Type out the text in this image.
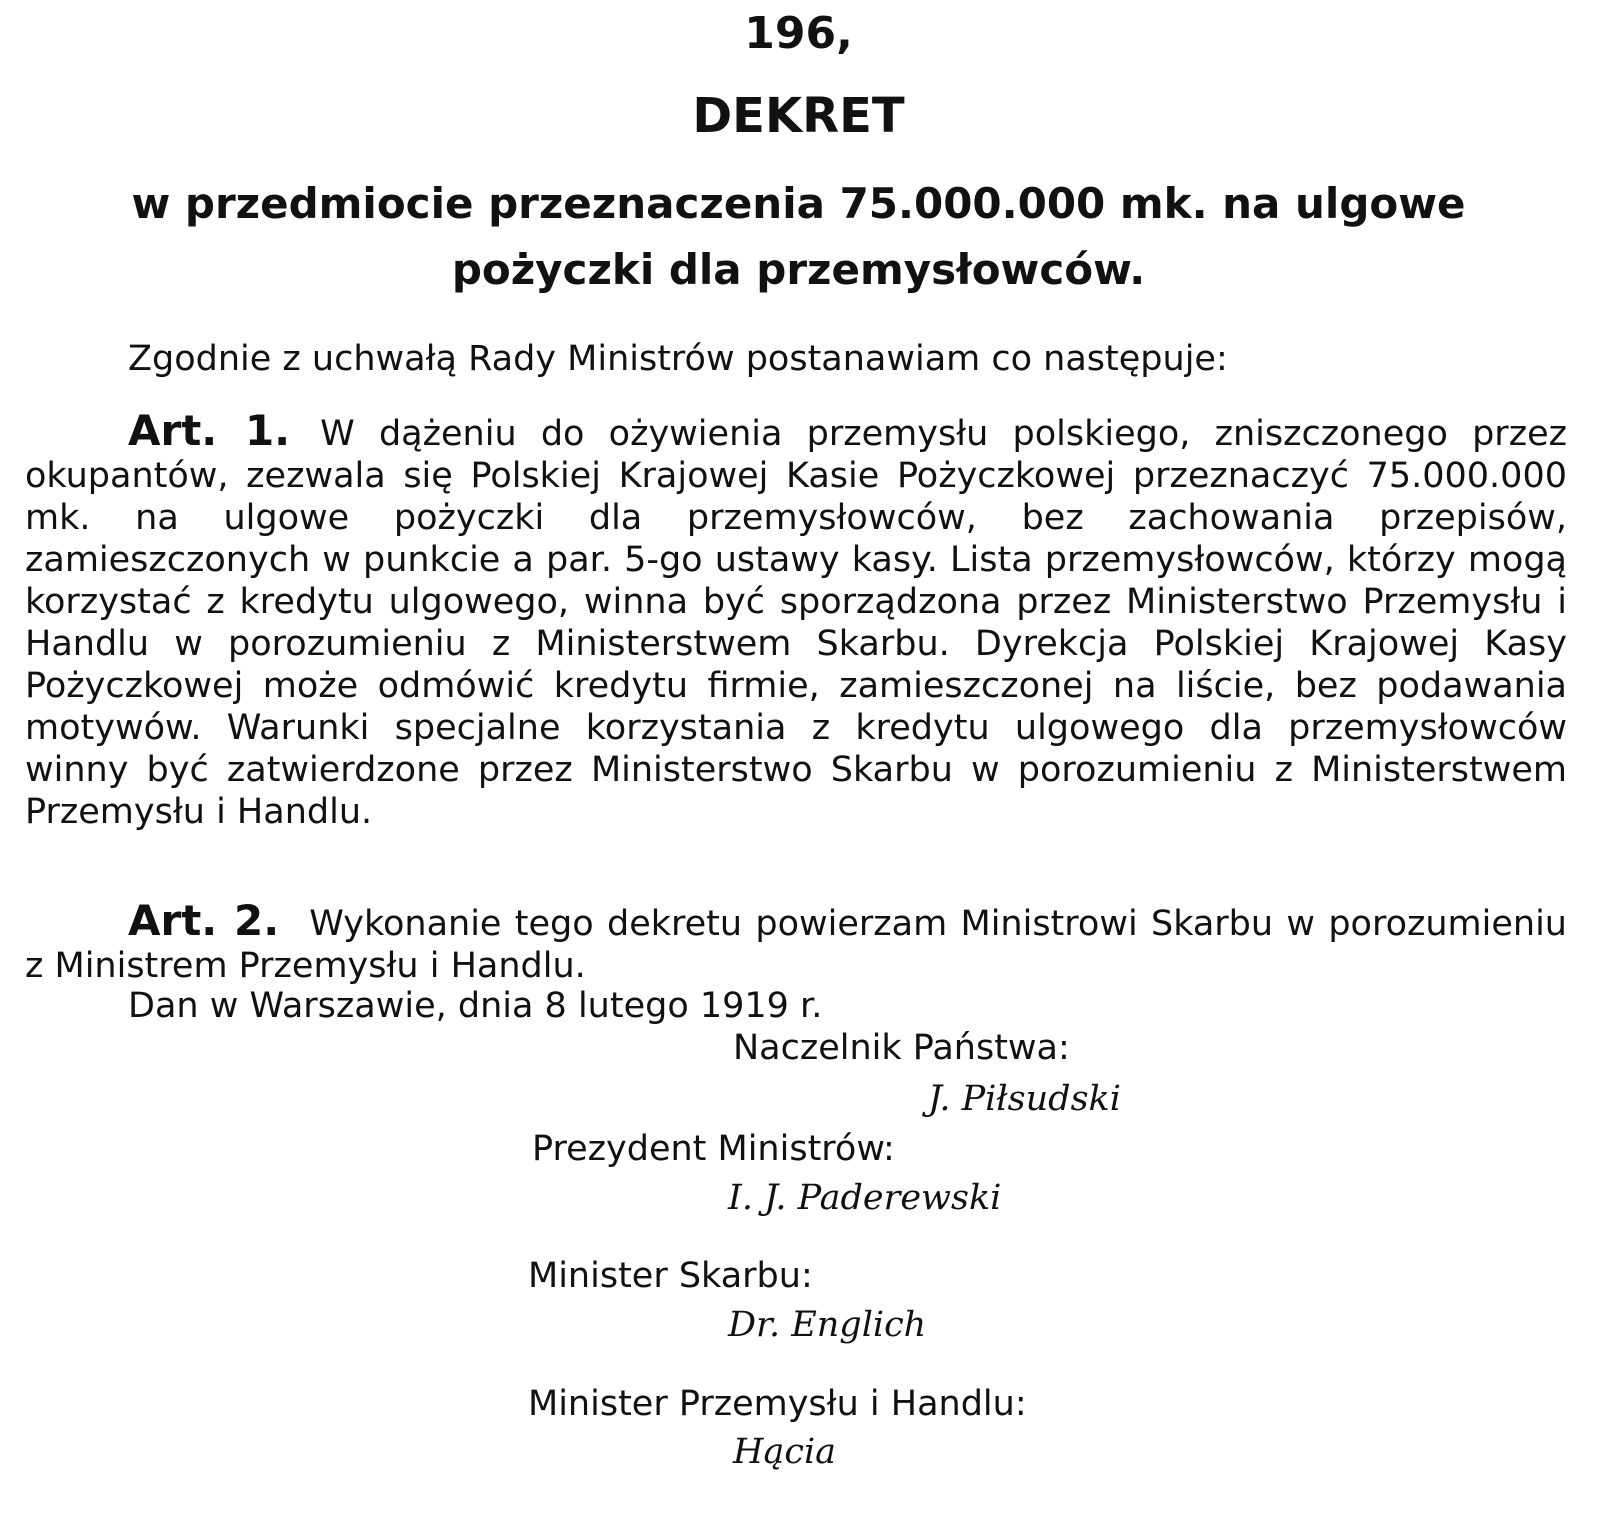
196,

DEKRET

w przedmiocie przeznaczenia 75.000.000 mk. na ulgowe

pożyczki dla przemysłowców.

Zgodnie z uchwałą Rady Ministrów postanawiam co następuje:

Art. 1. W dążeniu do ożywienia przemysłu polskiego, zniszczonego przez okupantów, zezwala się Polskiej Krajowej Kasie Pożyczkowej przeznaczyć 75.000.000 mk. na ulgowe pożyczki dla przemysłowców, bez zachowania przepisów, zamieszczonych w punkcie a par. 5-go ustawy kasy. Lista przemysłowców, którzy mogą korzystać z kredytu ulgowego, winna być sporządzona przez Ministerstwo Przemysłu i Handlu w porozumieniu z Ministerstwem Skarbu. Dyrekcja Polskiej Krajowej Kasy Pożyczkowej może odmówić kredytu firmie, zamieszczonej na liście, bez podawania motywów. Warunki specjalne korzystania z kredytu ulgowego dla przemysłowców winny być zatwierdzone przez Ministerstwo Skarbu w porozumieniu z Ministerstwem Przemysłu i Handlu.

Art. 2. Wykonanie tego dekretu powierzam Ministrowi Skarbu w porozumieniu z Ministrem Przemysłu i Handlu.

Dan w Warszawie, dnia 8 lutego 1919 r.

Naczelnik Państwa:

J. Piłsudski

Prezydent Ministrów:

I. J. Paderewski

Minister Skarbu:

Dr. Englich

Minister Przemysłu i Handlu:

Hącia
